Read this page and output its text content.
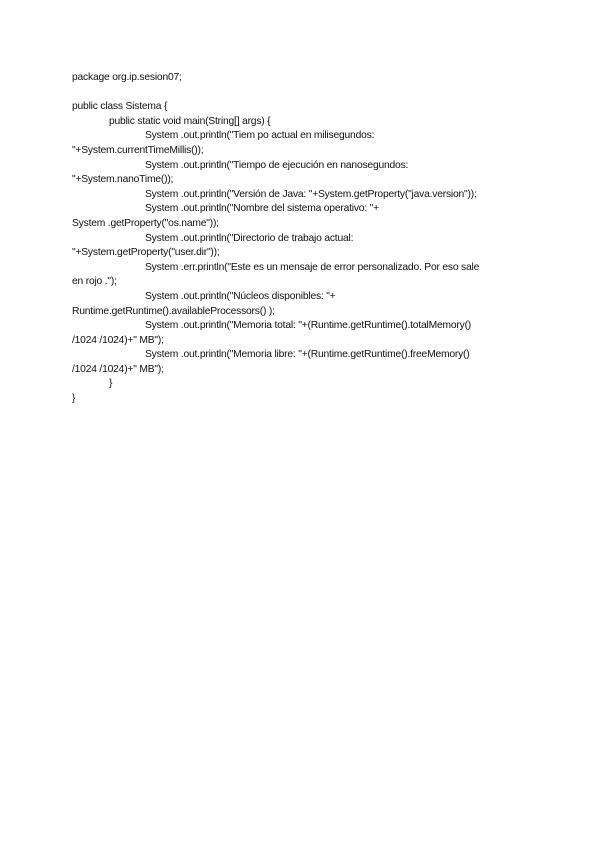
package org.ip.sesion07;
public class Sistema {
public static void main(String[] args) {
System .out.println("Tiem po actual en milisegundos:
"+System.currentTimeMillis());
System .out.println("Tiempo de ejecución en nanosegundos:
"+System.nanoTime());
System .out.println("Versión de Java: "+System.getProperty("java.version"));
System .out.println("Nombre del sistema operativo: "+
System .getProperty("os.name"));
System .out.println("Directorio de trabajo actual:
"+System.getProperty("user.dir"));
System .err.println("Este es un mensaje de error personalizado. Por eso sale
en rojo .");
System .out.println("Núcleos disponibles: "+
Runtime.getRuntime().availableProcessors() );
System .out.println("Memoria total: "+(Runtime.getRuntime().totalMemory()
/1024 /1024)+" MB");
System .out.println("Memoria libre: "+(Runtime.getRuntime().freeMemory()
/1024 /1024)+" MB");
}
}
